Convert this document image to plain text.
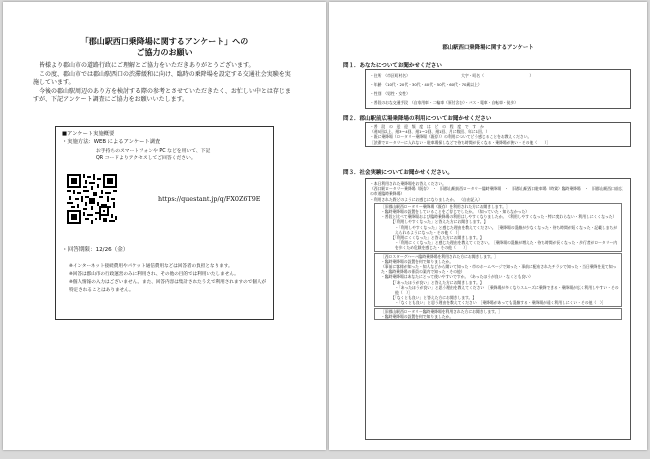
「郡山駅西口乗降場に関するアンケート」への
ご協力のお願い

皆様より郡山市の道路行政にご理解とご協力をいただきありがとうございます。

この度、郡山市では郡山駅西口の渋滞緩和に向け、臨時の乗降場を設定する交通社会実験を実施しています。

今後の郡山駅周辺のあり方を検討する際の参考とさせていただきたく、お忙しい中とは存じますが、下記アンケート調査にご協力をお願いいたします。

■アンケート実施概要
・実施方法：WEB によるアンケート調査
お手持ちのスマートフォンや PC などを用いて、下記
QR コードよりアクセスしてご回答ください。
https://questant.jp/q/FX0Z6T9E
・回答期限：12/26（金）
※インターネット接続費用やパケット通信費用などは回答者の負担となります。
※回答は郡山市の行政運営のみに利用され、その他の目的では利用いたしません。
※個人情報の入力はございません。また、回答内容は集計されたうえで利用されますので個人が特定されることはありません。
郡山駅西口乗降場に関するアンケート
問１．あなたについてお聞かせください
・住所　（市区町村名）　　　　　　　　　　　　　　大字・町名（　　　　　　　　　　　　）
・年齢　（10代・20代・30代・40代・50代・60代・70歳以上）
・性別　（男性・女性）
・普段のおな交通手段　（自家用車・二輪車（原付含む）・バス・電車・自転車・徒歩）
問２．郡山駅前広場乗降場の利用についてお聞かせください
・普　段　の　送　迎　頻　度　は　ど　の　程　度　で　す　か
（週5回以上、週3～4回、週1～2回、週1回、月に数回、年に1回、）
・既に乗降場（ロータリー乗降場（既存））の利用についてどう感じることをお教えください。
［渋滞でロータリーに入れない・駐車場探しなどで待ち時間が長くなる・乗降場が狭い・その他（　　）］
問３．社会実験についてお聞かせください。
・本日利用された乗降場をお答えください。
（西口駅ロータリー乗降場（既存）　・　旧郡山駅前西ロータリー臨時乗降場　・　旧郡山駅西口駐車場（時貸）臨時乗降場　・　旧郡山駅西口前広の市道臨時乗降場）
・利用された際どのようにお感じになりましたか。　（自由記入）
［旧郡山駅西ロータリー乗降場（既存）を利用された方にお聞きします。］
・臨時乗降場の設置をしていることをご存じでしたか。（知っていた・知らなかった）
・普段と比べて乗降場および臨時乗降場の利用はしやすくなりましたか。（利用しやすくなった・特に変わらない・利用しにくくなった）
【「利用しやすくなった」と答えた方にお聞きします。】
・「利用しやすくなった」と感じた理由を教えてください。［乗降場の混雑が少なくなった・待ち時間が短くなった・記載しまちがえられるようになった・その他（　）］
【「利用にくくなった」と答えた方にお聞きします。】
・「利用にくくなった」と感じた理由を教えてください。［乗降場の混雑が増えた・待ち時間が長くなった・歩行者がロータリー内を歩くため危険を感じた・その他（　　）］
［西ロスターグハーハ臨時乗降場を利用された方にお聞きします。］
・臨時乗降場の設置を何で知りましたか。
（事前に客様が知った・知人などから聞いて知った・市のホームページで知った・事前に配布されたチラシで知った・当日乗降を見て知った・臨時乗降場の係員の案内で知った・その他）
・臨時乗降場はあなたにとって使いやすいですか。（あったほうが良い・なくとも良い）
【「あったほうが良い」と答えた方にお聞きします。】
・「あったほうが良い」と思う理由を教えてください　［乗降場が多くなりスムーズに乗降できる・乗降場が広く利用しやすい・その他（　）］
【「なくとも良い」と答えた方にお聞きします。】
・「なくとも良い」と思う理由を教えてください　［乗降場があっても混雑する・乗降場が遠く利用しにくい・その他（　）］
［旧郡山駅西ロータリー臨時乗降場を利用された方にお聞きします。］
・臨時乗降場の設置を何で知りましたか。
